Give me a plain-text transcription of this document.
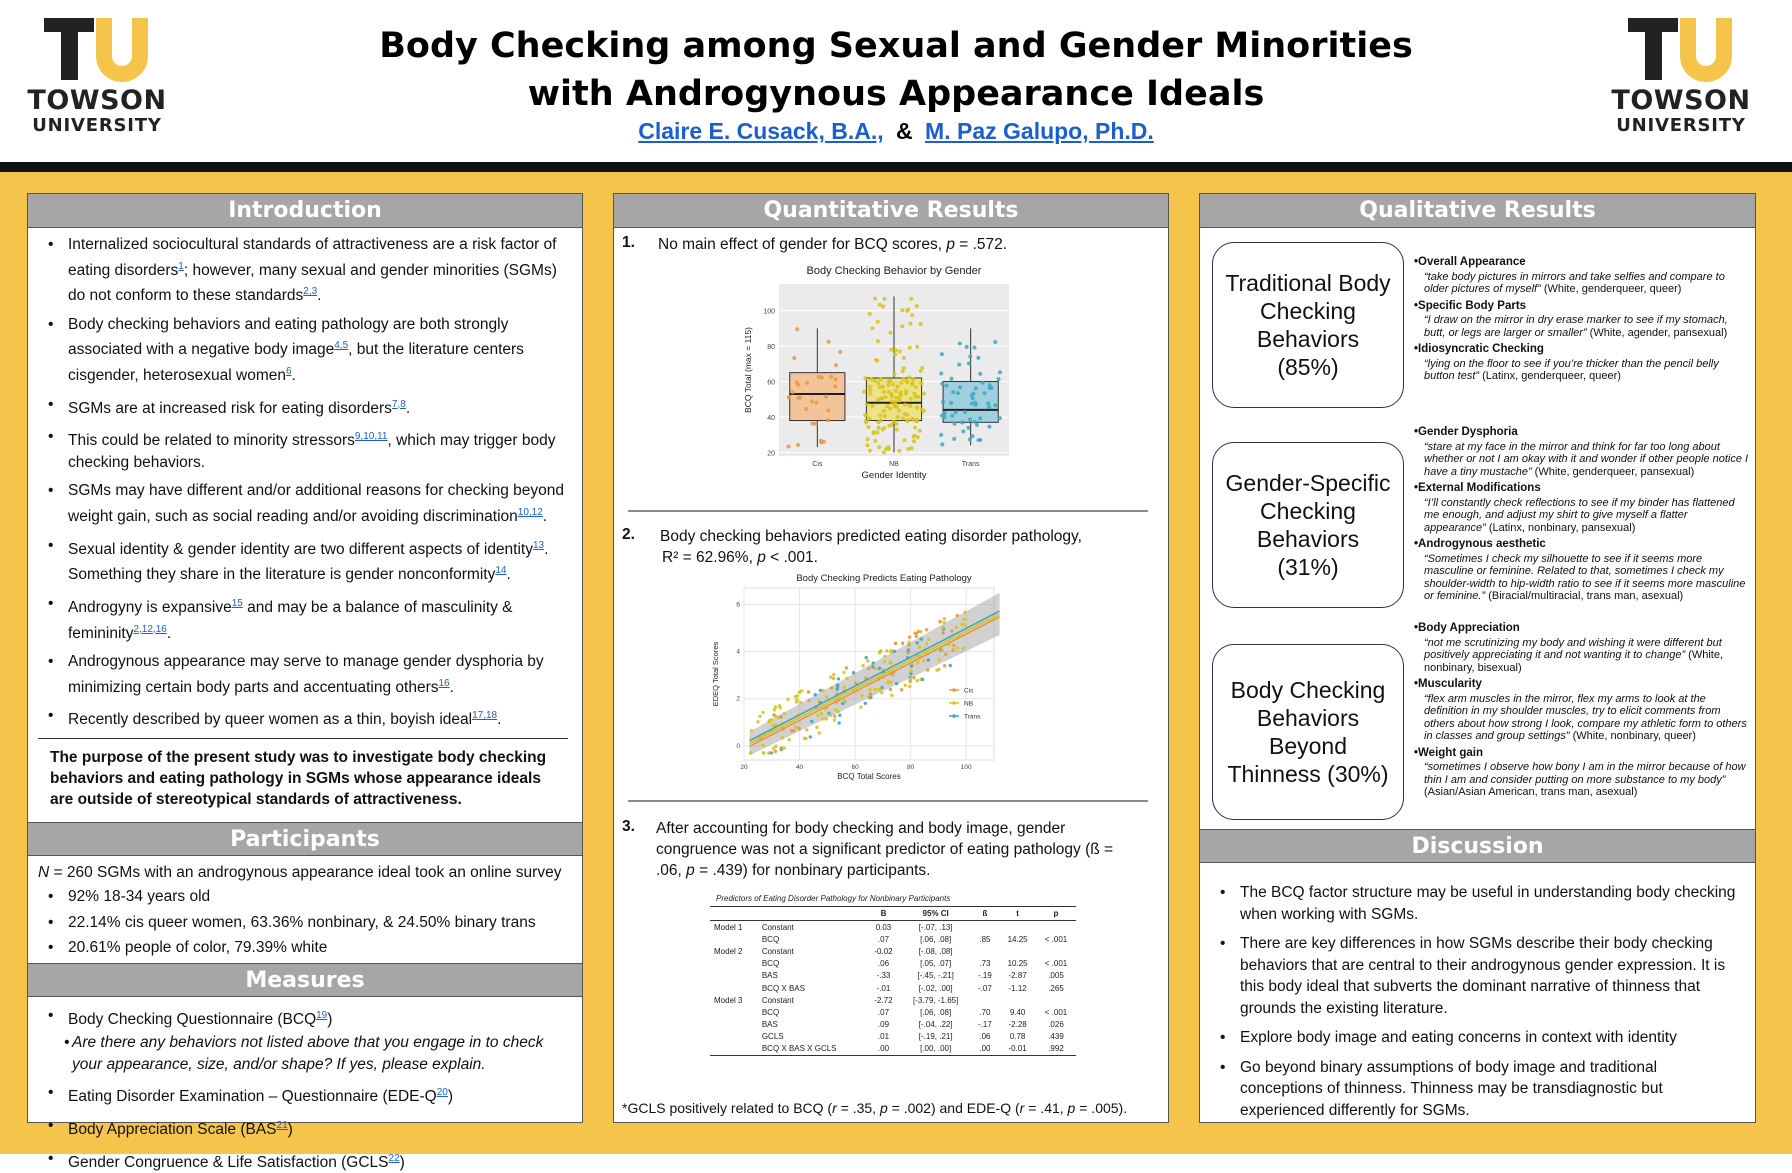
TOWSON
UNIVERSITY
TOWSON
UNIVERSITY
Body Checking among Sexual and Gender Minorities
with Androgynous Appearance Ideals
Claire E. Cusack, B.A., & M. Paz Galupo, Ph.D.
Introduction
• Internalized sociocultural standards of attractiveness are a risk factor of eating disorders$^1$; however, many sexual and gender minorities (SGMs) do not conform to these standards$^{2,3}$.
• Body checking behaviors and eating pathology are both strongly associated with a negative body image$^{4,5}$, but the literature centers cisgender, heterosexual women$^6$.
• SGMs are at increased risk for eating disorders$^{7,8}$.
• This could be related to minority stressors$^{9,10,11}$, which may trigger body checking behaviors.
• SGMs may have different and/or additional reasons for checking beyond weight gain, such as social reading and/or avoiding discrimination$^{10,12}$.
• Sexual identity & gender identity are two different aspects of identity$^{13}$. Something they share in the literature is gender nonconformity$^{14}$.
• Androgyny is expansive$^{15}$ and may be a balance of masculinity & femininity$^{2,12,16}$.
• Androgynous appearance may serve to manage gender dysphoria by minimizing certain body parts and accentuating others$^{16}$.
• Recently described by queer women as a thin, boyish ideal$^{17,18}$.
The purpose of the present study was to investigate body checking behaviors and eating pathology in SGMs whose appearance ideals are outside of stereotypical standards of attractiveness.
Participants
N = 260 SGMs with an androgynous appearance ideal took an online survey
• 92% 18-34 years old
• 22.14% cis queer women, 63.36% nonbinary, & 24.50% binary trans
• 20.61% people of color, 79.39% white
Measures
• Body Checking Questionnaire (BCQ$^{19}$)
• Are there any behaviors not listed above that you engage in to check your appearance, size, and/or shape? If yes, please explain.
• Eating Disorder Examination – Questionnaire (EDE-Q$^{20}$)
• Body Appreciation Scale (BAS$^{21}$)
• Gender Congruence & Life Satisfaction (GCLS$^{22}$)
Quantitative Results
1. No main effect of gender for BCQ scores, p = .572.
Body Checking Behavior by Gender
20
40
60
80
100
Cis	NB	Trans
Gender Identity
BCQ Total (max = 115)
2. Body checking behaviors predicted eating disorder pathology,
R² = 62.96%, p < .001.
Body Checking Predicts Eating Pathology
20	40	60	80	100
0
2
4
6
Cis
NB
Trans
BCQ Total Scores
EDEQ Total Scores
3. After accounting for body checking and body image, gender congruence was not a significant predictor of eating pathology (ß = .06, p = .439) for nonbinary participants.
Predictors of Eating Disorder Pathology for Nonbinary Participants
		B	95% CI	ß	t	p
Model 1	Constant	0.03	[-.07, .13]			
	BCQ	.07	[.06, .08]	.85	14.25	< .001
Model 2	Constant	-0.02	[-.08, .08]			
	BCQ	.06	[.05, .07]	.73	10.25	< .001
	BAS	-.33	[-.45, -.21]	-.19	-2.87	.005
	BCQ X BAS	-.01	[-.02, .00]	-.07	-1.12	.265
Model 3	Constant	-2.72	[-3.79, -1.65]			
	BCQ	.07	[.06, .08]	.70	9.40	< .001
	BAS	.09	[-.04, .22]	-.17	-2.28	.026
	GCLS	.01	[-.19, .21]	.06	0.78	.439
	BCQ X BAS X GCLS	.00	[.00, .00]	.00	-0.01	.992
*GCLS positively related to BCQ (r = .35, p = .002) and EDE-Q (r = .41, p = .005).
Qualitative Results
Traditional Body Checking Behaviors (85%)
• Overall Appearance
“take body pictures in mirrors and take selfies and compare to older pictures of myself” (White, genderqueer, queer)
• Specific Body Parts
“I draw on the mirror in dry erase marker to see if my stomach, butt, or legs are larger or smaller” (White, agender, pansexual)
• Idiosyncratic Checking
“lying on the floor to see if you’re thicker than the pencil belly button test” (Latinx, genderqueer, queer)
Gender-Specific Checking Behaviors (31%)
• Gender Dysphoria
“stare at my face in the mirror and think for far too long about whether or not I am okay with it and wonder if other people notice I have a tiny mustache” (White, genderqueer, pansexual)
• External Modifications
“I’ll constantly check reflections to see if my binder has flattened me enough, and adjust my shirt to give myself a flatter appearance” (Latinx, nonbinary, pansexual)
• Androgynous aesthetic
“Sometimes I check my silhouette to see if it seems more masculine or feminine. Related to that, sometimes I check my shoulder-width to hip-width ratio to see if it seems more masculine or feminine.” (Biracial/multiracial, trans man, asexual)
Body Checking Behaviors Beyond Thinness (30%)
• Body Appreciation
“not me scrutinizing my body and wishing it were different but positively appreciating it and not wanting it to change” (White, nonbinary, bisexual)
• Muscularity
“flex arm muscles in the mirror, flex my arms to look at the definition in my shoulder muscles, try to elicit comments from others about how strong I look, compare my athletic form to others in classes and group settings” (White, nonbinary, queer)
• Weight gain
“sometimes I observe how bony I am in the mirror because of how thin I am and consider putting on more substance to my body” (Asian/Asian American, trans man, asexual)
Discussion
• The BCQ factor structure may be useful in understanding body checking when working with SGMs.
• There are key differences in how SGMs describe their body checking behaviors that are central to their androgynous gender expression. It is this body ideal that subverts the dominant narrative of thinness that grounds the existing literature.
• Explore body image and eating concerns in context with identity
• Go beyond binary assumptions of body image and traditional conceptions of thinness. Thinness may be transdiagnostic but experienced differently for SGMs.
